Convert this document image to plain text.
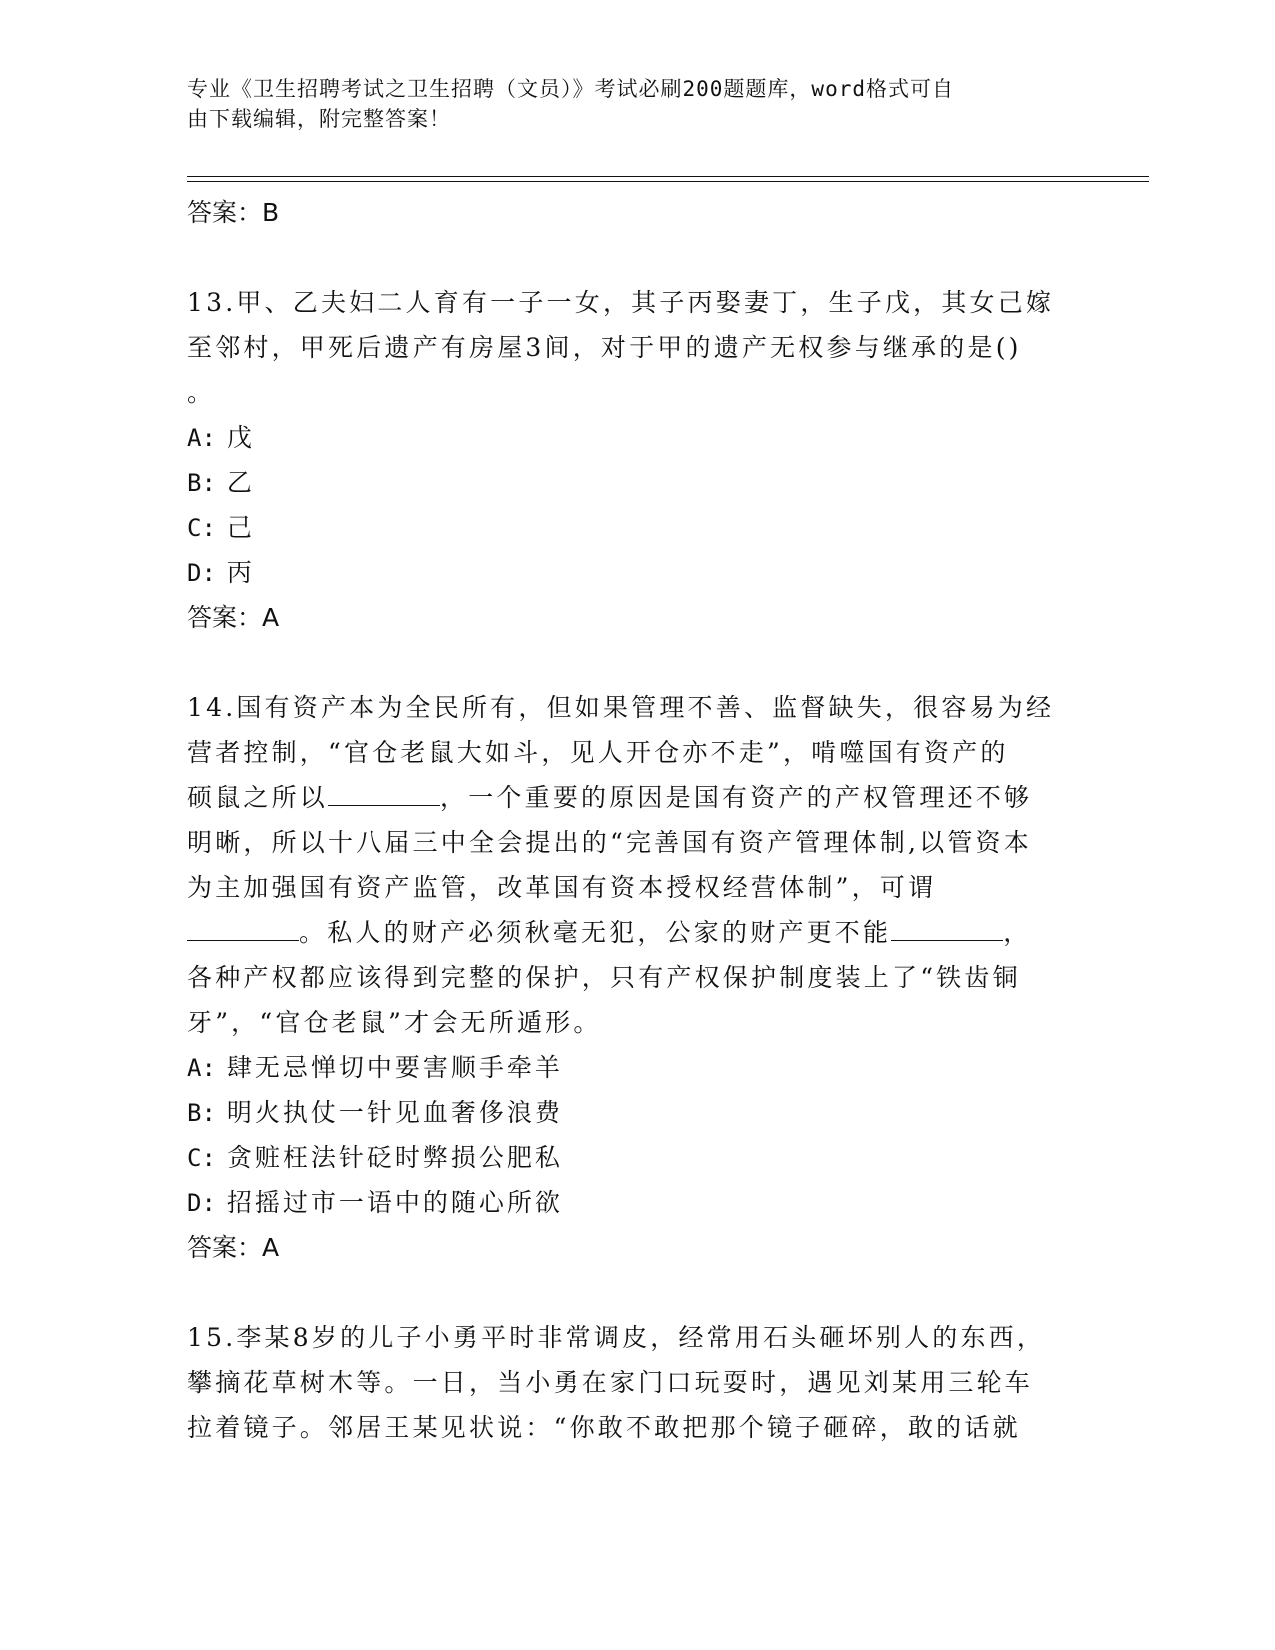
专业《卫生招聘考试之卫生招聘（文员）》考试必刷200题题库，word格式可自
由下载编辑，附完整答案！
答案：B
13.甲、乙夫妇二人育有一子一女，其子丙娶妻丁，生子戊，其女己嫁
至邻村，甲死后遗产有房屋3间，对于甲的遗产无权参与继承的是()
。
A: 戊
B: 乙
C: 己
D: 丙
答案：A
14.国有资产本为全民所有，但如果管理不善、监督缺失，很容易为经
营者控制，“官仓老鼠大如斗，见人开仓亦不走”，啃噬国有资产的
硕鼠之所以	，一个重要的原因是国有资产的产权管理还不够
明晰，所以十八届三中全会提出的“完善国有资产管理体制,以管资本
为主加强国有资产监管，改革国有资本授权经营体制”，可谓
。私人的财产必须秋毫无犯，公家的财产更不能	，
各种产权都应该得到完整的保护，只有产权保护制度装上了“铁齿铜
牙”，“官仓老鼠”才会无所遁形。
A: 肆无忌惮切中要害顺手牵羊
B: 明火执仗一针见血奢侈浪费
C: 贪赃枉法针砭时弊损公肥私
D: 招摇过市一语中的随心所欲
答案：A
15.李某8岁的儿子小勇平时非常调皮，经常用石头砸坏别人的东西，
攀摘花草树木等。一日，当小勇在家门口玩耍时，遇见刘某用三轮车
拉着镜子。邻居王某见状说：“你敢不敢把那个镜子砸碎，敢的话就
